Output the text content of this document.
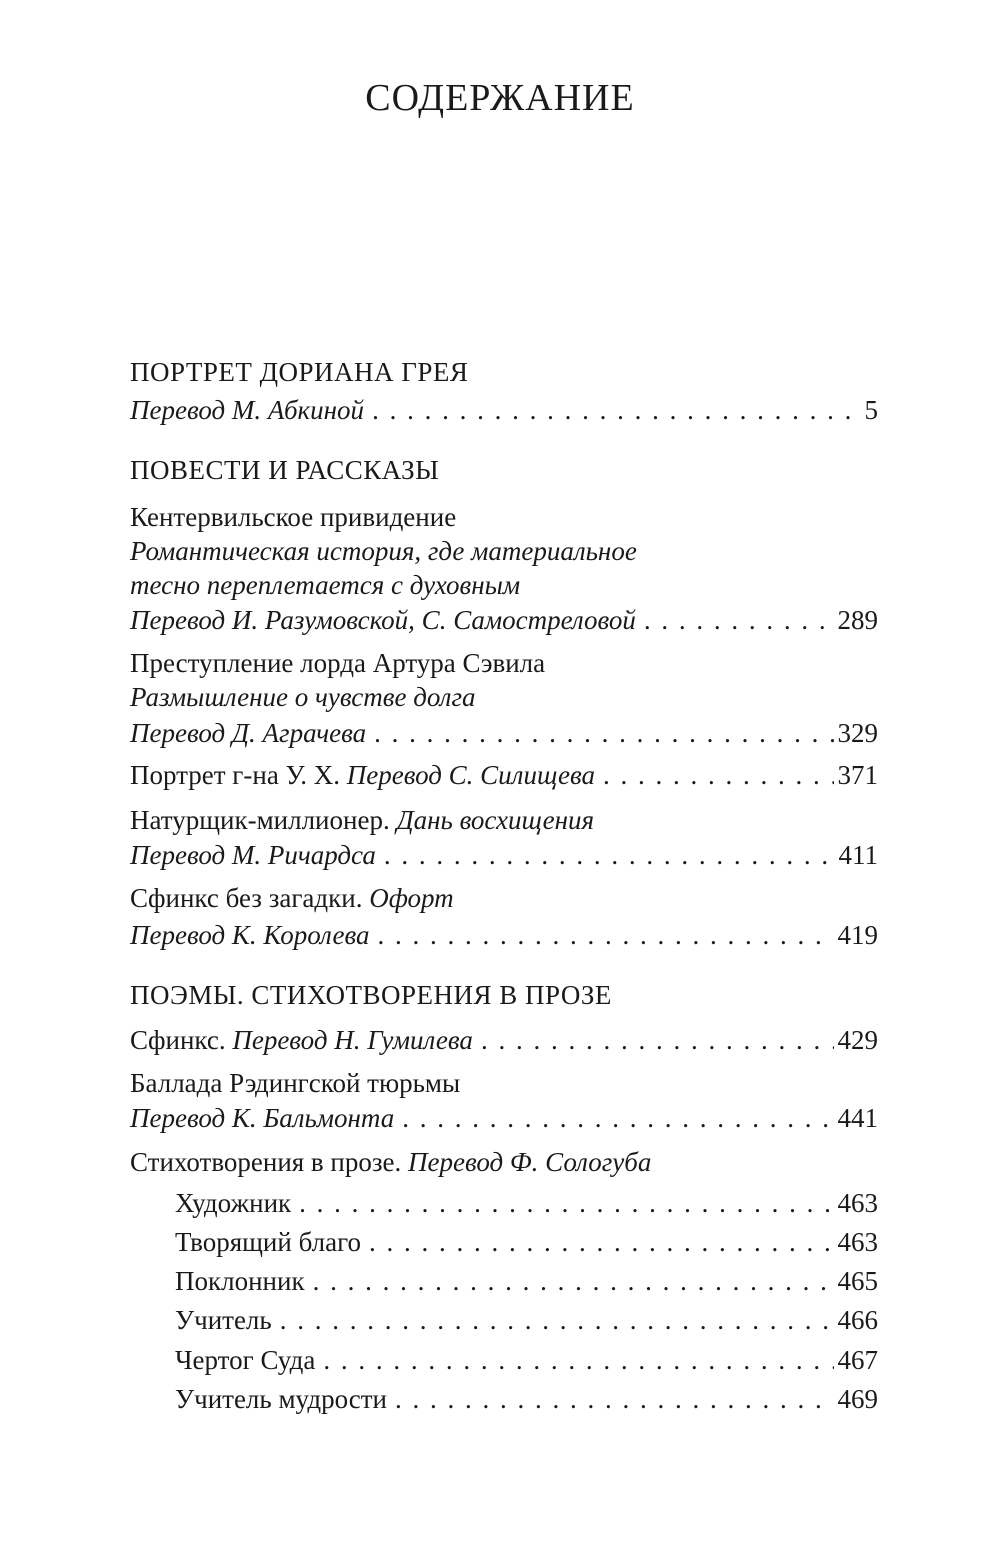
СОДЕРЖАНИЕ
ПОРТРЕТ ДОРИАНА ГРЕЯ
Перевод М. Абкиной . . .	5
ПОВЕСТИ И РАССКАЗЫ
Кентервильское привидение
Романтическая история, где материальное
тесно переплетается с духовным
Перевод И. Разумовской, С. Самостреловой . . .	289
Преступление лорда Артура Сэвила
Размышление о чувстве долга
Перевод Д. Аграчева . . .	329
Портрет г-на У. Х.
Перевод С. Силищева . . .	371
Натурщик-миллионер.
Дань восхищения
Перевод М. Ричардса . . .	411
Сфинкс без загадки.
Офорт
Перевод К. Королева . . .	419
ПОЭМЫ. СТИХОТВОРЕНИЯ В ПРОЗЕ
Сфинкс.
Перевод Н. Гумилева . . .	429
Баллада Рэдингской тюрьмы
Перевод К. Бальмонта . . .	441
Стихотворения в прозе.
Перевод Ф. Сологуба
Художник . . .	463
Творящий благо . . .	463
Поклонник . . .	465
Учитель . . .	466
Чертог Суда . . .	467
Учитель мудрости . . .	469
